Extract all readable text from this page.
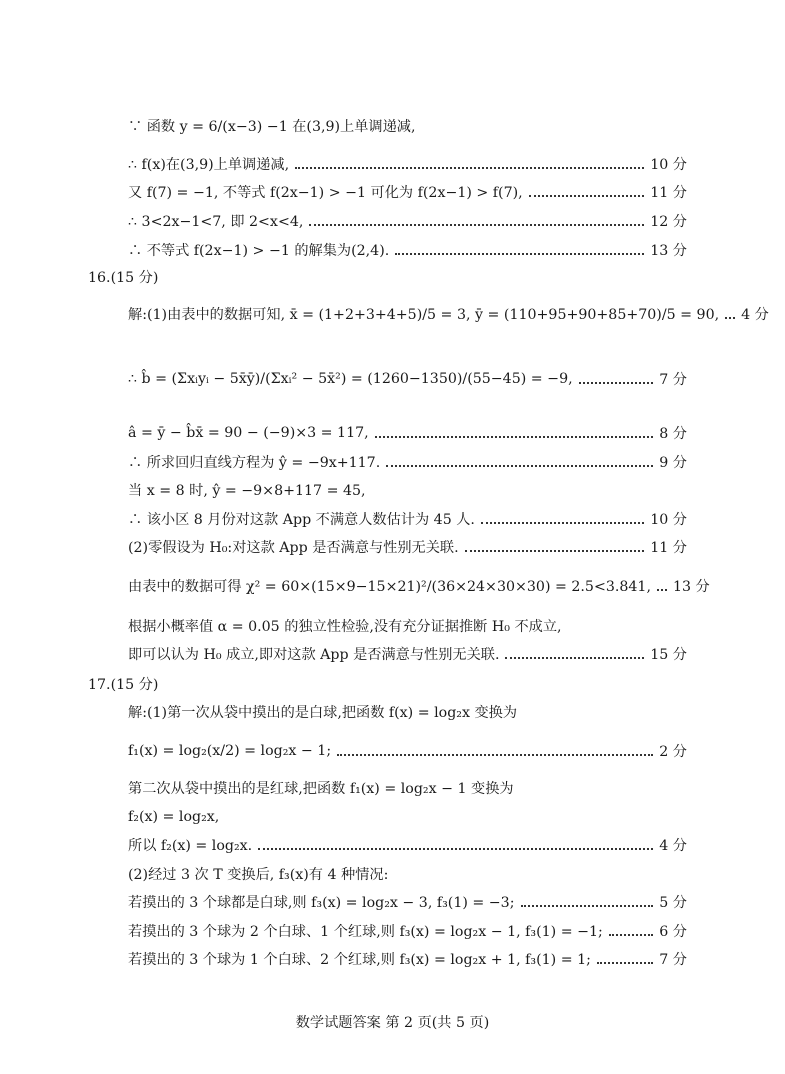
∵ 函数 y = 6/(x−3) −1 在(3,9)上单调递减,
∴ f(x)在(3,9)上单调递减,	10 分
又 f(7) = −1, 不等式 f(2x−1) > −1 可化为 f(2x−1) > f(7),	11 分
∴ 3<2x−1<7, 即 2<x<4,	12 分
∴ 不等式 f(2x−1) > −1 的解集为(2,4).	13 分
16.(15 分)
解:(1)由表中的数据可知, x̄ = (1+2+3+4+5)/5 = 3, ȳ = (110+95+90+85+70)/5 = 90, 4 分
∴ b̂ = (Σxᵢyᵢ − 5x̄ȳ)/(Σxᵢ² − 5x̄²) = (1260−1350)/(55−45) = −9,	7 分
â = ȳ − b̂x̄ = 90 − (−9)×3 = 117,	8 分
∴ 所求回归直线方程为 ŷ = −9x+117.	9 分
当 x = 8 时, ŷ = −9×8+117 = 45,
∴ 该小区 8 月份对这款 App 不满意人数估计为 45 人.	10 分
(2)零假设为 H₀:对这款 App 是否满意与性别无关联.	11 分
由表中的数据可得 χ² = 60×(15×9−15×21)²/(36×24×30×30) = 2.5<3.841, 13 分
根据小概率值 α = 0.05 的独立性检验,没有充分证据推断 H₀ 不成立,
即可以认为 H₀ 成立,即对这款 App 是否满意与性别无关联.	15 分
17.(15 分)
解:(1)第一次从袋中摸出的是白球,把函数 f(x) = log₂x 变换为
f₁(x) = log₂(x/2) = log₂x − 1;	2 分
第二次从袋中摸出的是红球,把函数 f₁(x) = log₂x − 1 变换为
f₂(x) = log₂x,
所以 f₂(x) = log₂x.	4 分
(2)经过 3 次 T 变换后, f₃(x)有 4 种情况:
若摸出的 3 个球都是白球,则 f₃(x) = log₂x − 3, f₃(1) = −3;	5 分
若摸出的 3 个球为 2 个白球、1 个红球,则 f₃(x) = log₂x − 1, f₃(1) = −1;	6 分
若摸出的 3 个球为 1 个白球、2 个红球,则 f₃(x) = log₂x + 1, f₃(1) = 1;	7 分
数学试题答案 第 2 页(共 5 页)
